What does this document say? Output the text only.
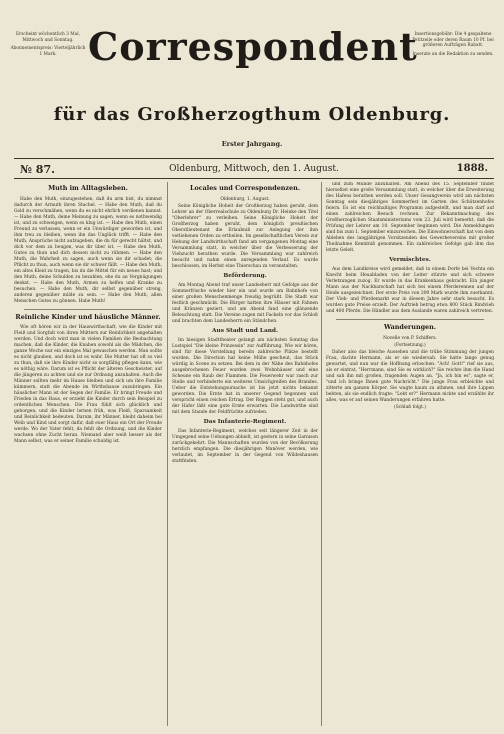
Erscheint wöchentlich 3 Mal, Mittwoch und Sonntag.

Abonnementspreis: Vierteljährlich 1 Mark. Correspondent

Insertionsgebühr: Die 4 gespaltene Petitzeile oder deren Raum 10 Pf. bei größeren Aufträgen Rabatt.

Inserate an die Redaktion zu senden.

für das Großherzogthum Oldenburg.
Erster Jahrgang.
№ 87.	Oldenburg, Mittwoch, den 1. August.	1888.
Muth im Alltagsleben.

Habe den Muth, einzugestehen, daß du arm bist, du nimmst dadurch der Armuth ihren Stachel. — Habe den Muth, daß du Gold zu verschmähen, wenn du es nicht ehrlich verdienen kannst. — Habe den Muth, deine Meinung zu sagen, wenn es nothwendig ist, und zu schweigen, wenn es klug ist. — Habe den Muth, einen Freund zu verlassen, wenn er ein Unwürdiger geworden ist, und ihm treu zu bleiben, wenn ihn das Unglück trifft. — Habe den Muth, Ansprüche nicht aufzugeben, die du für gerecht hältst, und dich vor dem zu beugen, was dir über ist. — Habe den Muth, Gutes zu thun und dich dessen nicht zu rühmen. — Habe den Muth, die Wahrheit zu sagen, auch wenn sie dir schadet; die Pflicht zu thun, auch wenn sie dir schwer fällt. — Habe den Muth, ein altes Kleid zu tragen, bis du die Mittel für ein neues hast; und den Muth, deine Schulden zu bezahlen, ehe du an Vergnügungen denkst. — Habe den Muth, Armen zu helfen und Kranke zu besuchen. — Habe den Muth, dir selbst gegenüber streng, anderen gegenüber milde zu sein. — Habe den Muth, allen Menschen Gutes zu gönnen. Habe Muth!

Reinliche Kinder und häusliche Männer.

Wie oft hören wir in der Hauswirthschaft, wie die Kinder mit Fleiß und Sorgfalt von ihren Müttern zur Reinlichkeit angehalten werden. Und doch wird man in vielen Familien die Beobachtung machen, daß die Kinder, die Knaben sowohl als die Mädchen, die ganze Woche nur ein einziges Mal gewaschen werden. Man sollte es nicht glauben, und doch ist es wahr. Die Mutter hat oft so viel zu thun, daß sie ihre Kinder nicht so sorgfältig pflegen kann, wie es nöthig wäre. Darum ist es Pflicht der älteren Geschwister, auf die jüngeren zu achten und sie zur Ordnung anzuhalten. Auch die Männer sollten mehr im Hause bleiben und sich um ihre Familie kümmern, statt die Abende im Wirthshause zuzubringen. Ein häuslicher Mann ist der Segen der Familie. Er bringt Freude und Frieden in das Haus, er erzieht die Kinder durch sein Beispiel zu ordentlichen Menschen. Die Frau fühlt sich glücklich und geborgen, und die Kinder lernen früh, was Fleiß, Sparsamkeit und Reinlichkeit bedeuten. Darum, ihr Männer, bleibt daheim bei Weib und Kind und sorgt dafür, daß euer Haus ein Ort der Freude werde. Wo der Vater fehlt, da fehlt die Ordnung, und die Kinder wachsen ohne Zucht heran. Niemand aber weiß besser als der Mann selbst, was er seiner Familie schuldig ist.

Locales und Correspondenzen.

Oldenburg, 1. August.

Seine Königliche Hoheit der Großherzog haben geruht, dem Lehrer an der Oberrealschule zu Oldenburg Dr. Heinke den Titel "Oberlehrer" zu verleihen. Seine Königliche Hoheit der Großherzog haben geruht, dem königlich preußischen Oberstlieutenant die Erlaubniß zur Anlegung der ihm verliehenen Orden zu ertheilen. Im gesellschaftlichen Verein zur Hebung der Landwirthschaft fand am vergangenen Montag eine Versammlung statt, in welcher über die Verbesserung der Viehzucht berathen wurde. Die Versammlung war zahlreich besucht und nahm einen anregenden Verlauf. Es wurde beschlossen, im Herbst eine Thierschau zu veranstalten.

Beförderung.

Am Montag Abend traf unser Landesherr mit Gefolge aus der Sommerfrische wieder hier ein und wurde am Bahnhofe von einer großen Menschenmenge freudig begrüßt. Die Stadt war festlich geschmückt. Die Bürger hatten ihre Häuser mit Fahnen und Kränzen geziert, und am Abend fand eine glänzende Beleuchtung statt. Die Vereine zogen mit Fackeln vor das Schloß und brachten dem Landesherrn ein Ständchen.

Aus Stadt und Land.

Im hiesigen Stadttheater gelangt am nächsten Sonntag das Lustspiel "Die kleine Prinzessin" zur Aufführung. Wie wir hören, sind für diese Vorstellung bereits zahlreiche Plätze bestellt worden. Die Direction hat keine Mühe gescheut, das Stück würdig in Scene zu setzen. Bei dem in der Nähe des Bahnhofes ausgebrochenen Feuer wurden zwei Wohnhäuser und eine Scheune ein Raub der Flammen. Die Feuerwehr war rasch zur Stelle und verhinderte ein weiteres Umsichgreifen des Brandes. Ueber die Entstehungsursache ist bis jetzt nichts bekannt geworden. Die Ernte hat in unserer Gegend begonnen und verspricht einen reichen Ertrag. Der Roggen steht gut, und auch der Hafer läßt eine gute Ernte erwarten. Die Landwirthe sind mit dem Stande der Feldfrüchte zufrieden.

Das Infanterie-Regiment.

Das Infanterie-Regiment, welches seit längerer Zeit in der Umgegend seine Uebungen abhielt, ist gestern in seine Garnison zurückgekehrt. Die Mannschaften wurden von der Bevölkerung herzlich empfangen. Die diesjährigen Manöver werden, wie verlautet, im September in der Gegend von Wildeshausen stattfinden.

und zum Munde abzuhalten. Am Abend des 15. September findet hierselbst eine große Versammlung statt, in welcher über die Erweiterung des Hafens berathen werden soll. Unser Gesangverein wird am nächsten Sonntag sein diesjähriges Sommerfest im Garten des Schützenhofes feiern. Es ist ein reichhaltiges Programm aufgestellt, und man darf auf einen zahlreichen Besuch rechnen. Zur Bekanntmachung des Großherzoglichen Staatsministeriums vom 23. Juli wird bemerkt, daß die Prüfung der Lehrer am 10. September beginnen wird. Die Anmeldungen sind bis zum 1. September einzureichen. Die Einwohnerschaft hat von dem Ableben des langjährigen Vorsitzenden des Gewerbevereins mit großer Theilnahme Kenntniß genommen. Ein zahlreiches Gefolge gab ihm das letzte Geleit.

Vermischtes.

Aus dem Landkreise wird gemeldet, daß in einem Dorfe bei Vechta ein Knecht beim Heuabladen von der Leiter stürzte und sich schwere Verletzungen zuzog. Er wurde in das Krankenhaus gebracht. Ein junger Mann aus der Nachbarschaft hat sich bei einem Pferderennen auf der Heide ausgezeichnet. Der erste Preis von 300 Mark wurde ihm zuerkannt. Der Vieh- und Pferdemarkt war in diesem Jahre sehr stark besucht. Es wurden gute Preise erzielt. Der Auftrieb betrug etwa 800 Stück Rindvieh und 400 Pferde. Die Händler aus dem Auslande waren zahlreich vertreten.

Wanderungen.

Novelle von P. Schiffers.

(Fortsetzung.)

Daher also das bleiche Aussehen und die trübe Stimmung der jungen Frau, dachte Hermann, als er sie wiedersah. Sie hatte lange genug gewartet, und nun war die Hoffnung erloschen. "Ach! Gott!" rief sie aus, als er eintrat, "Herrmann, sind Sie es wirklich?" Sie reichte ihm die Hand und sah ihn mit großen, fragenden Augen an. "Ja, ich bin es", sagte er, "und ich bringe Ihnen gute Nachricht." Die junge Frau erbleichte und zitterte am ganzen Körper. Sie wagte kaum zu athmen, und ihre Lippen bebten, als sie endlich fragte: "Lebt er?" Hermann nickte und erzählte ihr alles, was er auf seinen Wanderungen erfahren hatte.

(Schluß folgt.)
